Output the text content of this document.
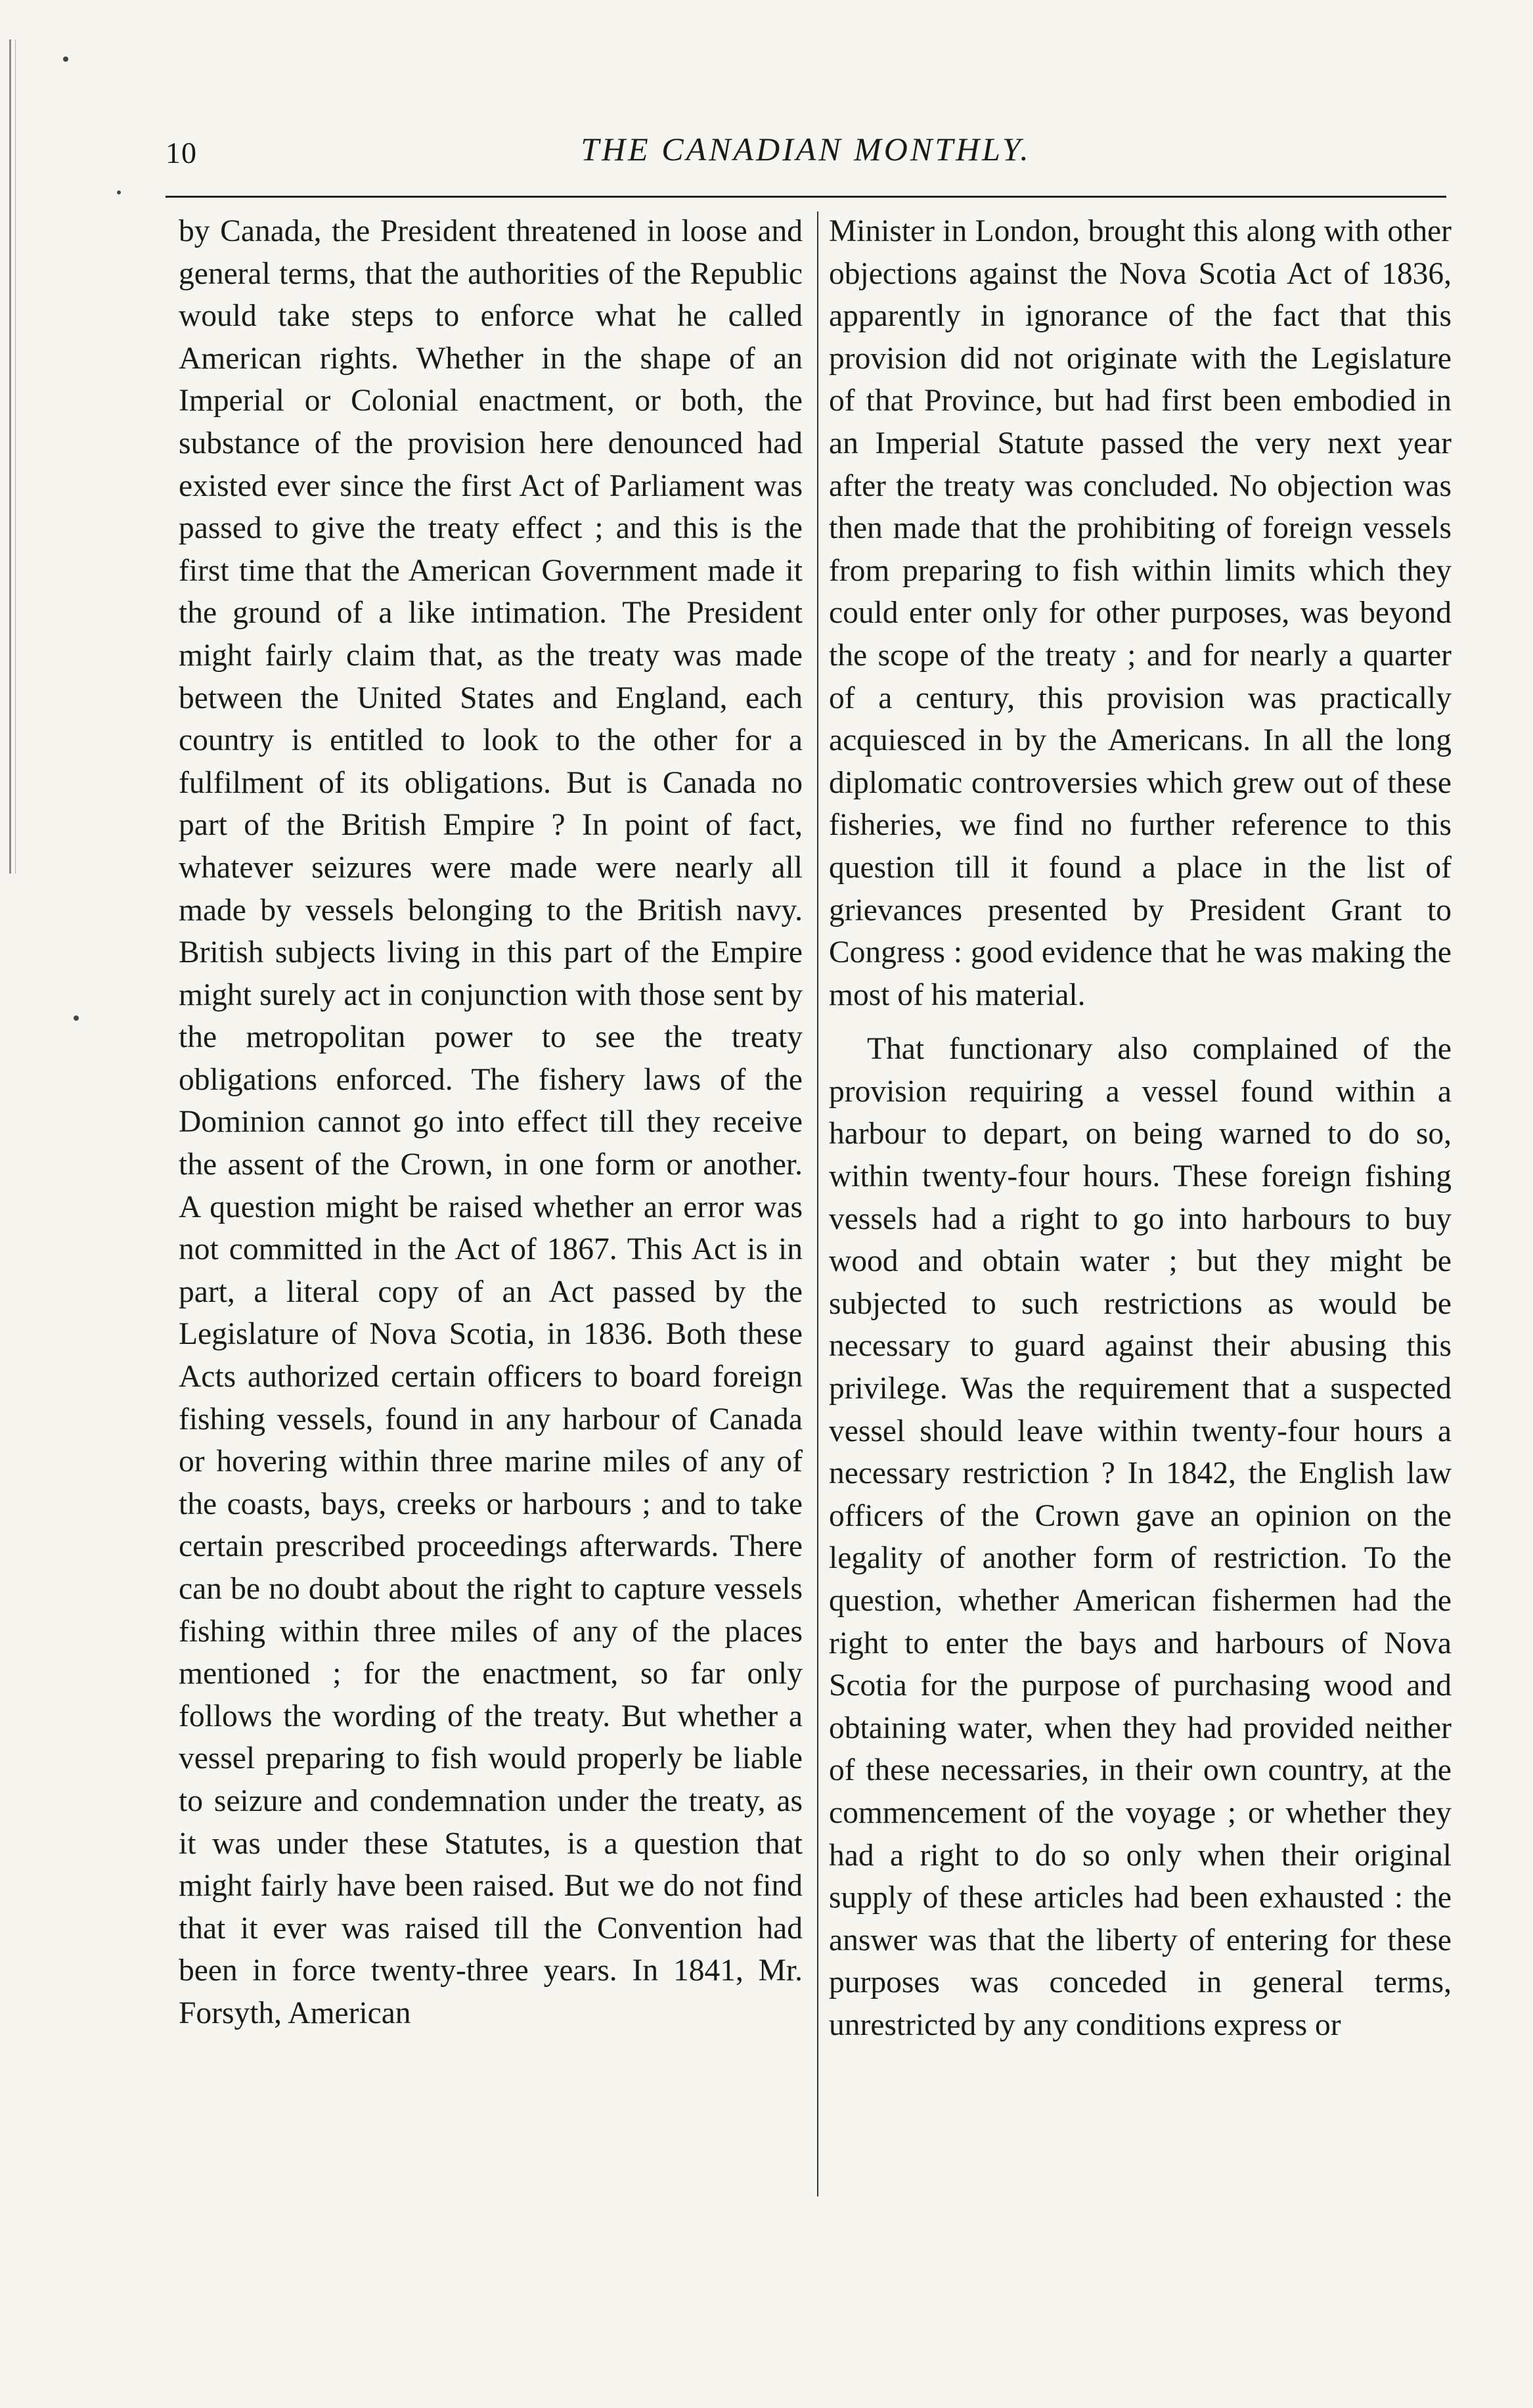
10	THE CANADIAN MONTHLY.

by Canada, the President threatened in loose and general terms, that the authorities of the Republic would take steps to enforce what he called American rights. Whether in the shape of an Imperial or Colonial enactment, or both, the substance of the provision here denounced had existed ever since the first Act of Parliament was passed to give the treaty effect ; and this is the first time that the American Government made it the ground of a like intimation. The President might fairly claim that, as the treaty was made between the United States and England, each country is entitled to look to the other for a fulfilment of its obligations. But is Canada no part of the British Empire ? In point of fact, whatever seizures were made were nearly all made by vessels belonging to the British navy. British subjects living in this part of the Empire might surely act in conjunction with those sent by the metropolitan power to see the treaty obligations enforced. The fishery laws of the Dominion cannot go into effect till they receive the assent of the Crown, in one form or another. A question might be raised whether an error was not committed in the Act of 1867. This Act is in part, a literal copy of an Act passed by the Legislature of Nova Scotia, in 1836. Both these Acts authorized certain officers to board foreign fishing vessels, found in any harbour of Canada or hovering within three marine miles of any of the coasts, bays, creeks or harbours ; and to take certain prescribed proceedings afterwards. There can be no doubt about the right to capture vessels fishing within three miles of any of the places mentioned ; for the enactment, so far only follows the wording of the treaty. But whether a vessel preparing to fish would properly be liable to seizure and condemnation under the treaty, as it was under these Statutes, is a question that might fairly have been raised. But we do not find that it ever was raised till the Convention had been in force twenty-three years. In 1841, Mr. Forsyth, American

Minister in London, brought this along with other objections against the Nova Scotia Act of 1836, apparently in ignorance of the fact that this provision did not originate with the Legislature of that Province, but had first been embodied in an Imperial Statute passed the very next year after the treaty was concluded. No objection was then made that the prohibiting of foreign vessels from preparing to fish within limits which they could enter only for other purposes, was beyond the scope of the treaty ; and for nearly a quarter of a century, this provision was practically acquiesced in by the Americans. In all the long diplomatic controversies which grew out of these fisheries, we find no further reference to this question till it found a place in the list of grievances presented by President Grant to Congress : good evidence that he was making the most of his material.

That functionary also complained of the provision requiring a vessel found within a harbour to depart, on being warned to do so, within twenty-four hours. These foreign fishing vessels had a right to go into harbours to buy wood and obtain water ; but they might be subjected to such restrictions as would be necessary to guard against their abusing this privilege. Was the requirement that a suspected vessel should leave within twenty-four hours a necessary restriction ? In 1842, the English law officers of the Crown gave an opinion on the legality of another form of restriction. To the question, whether American fishermen had the right to enter the bays and harbours of Nova Scotia for the purpose of purchasing wood and obtaining water, when they had provided neither of these necessaries, in their own country, at the commencement of the voyage ; or whether they had a right to do so only when their original supply of these articles had been exhausted : the answer was that the liberty of entering for these purposes was conceded in general terms, unrestricted by any conditions express or
